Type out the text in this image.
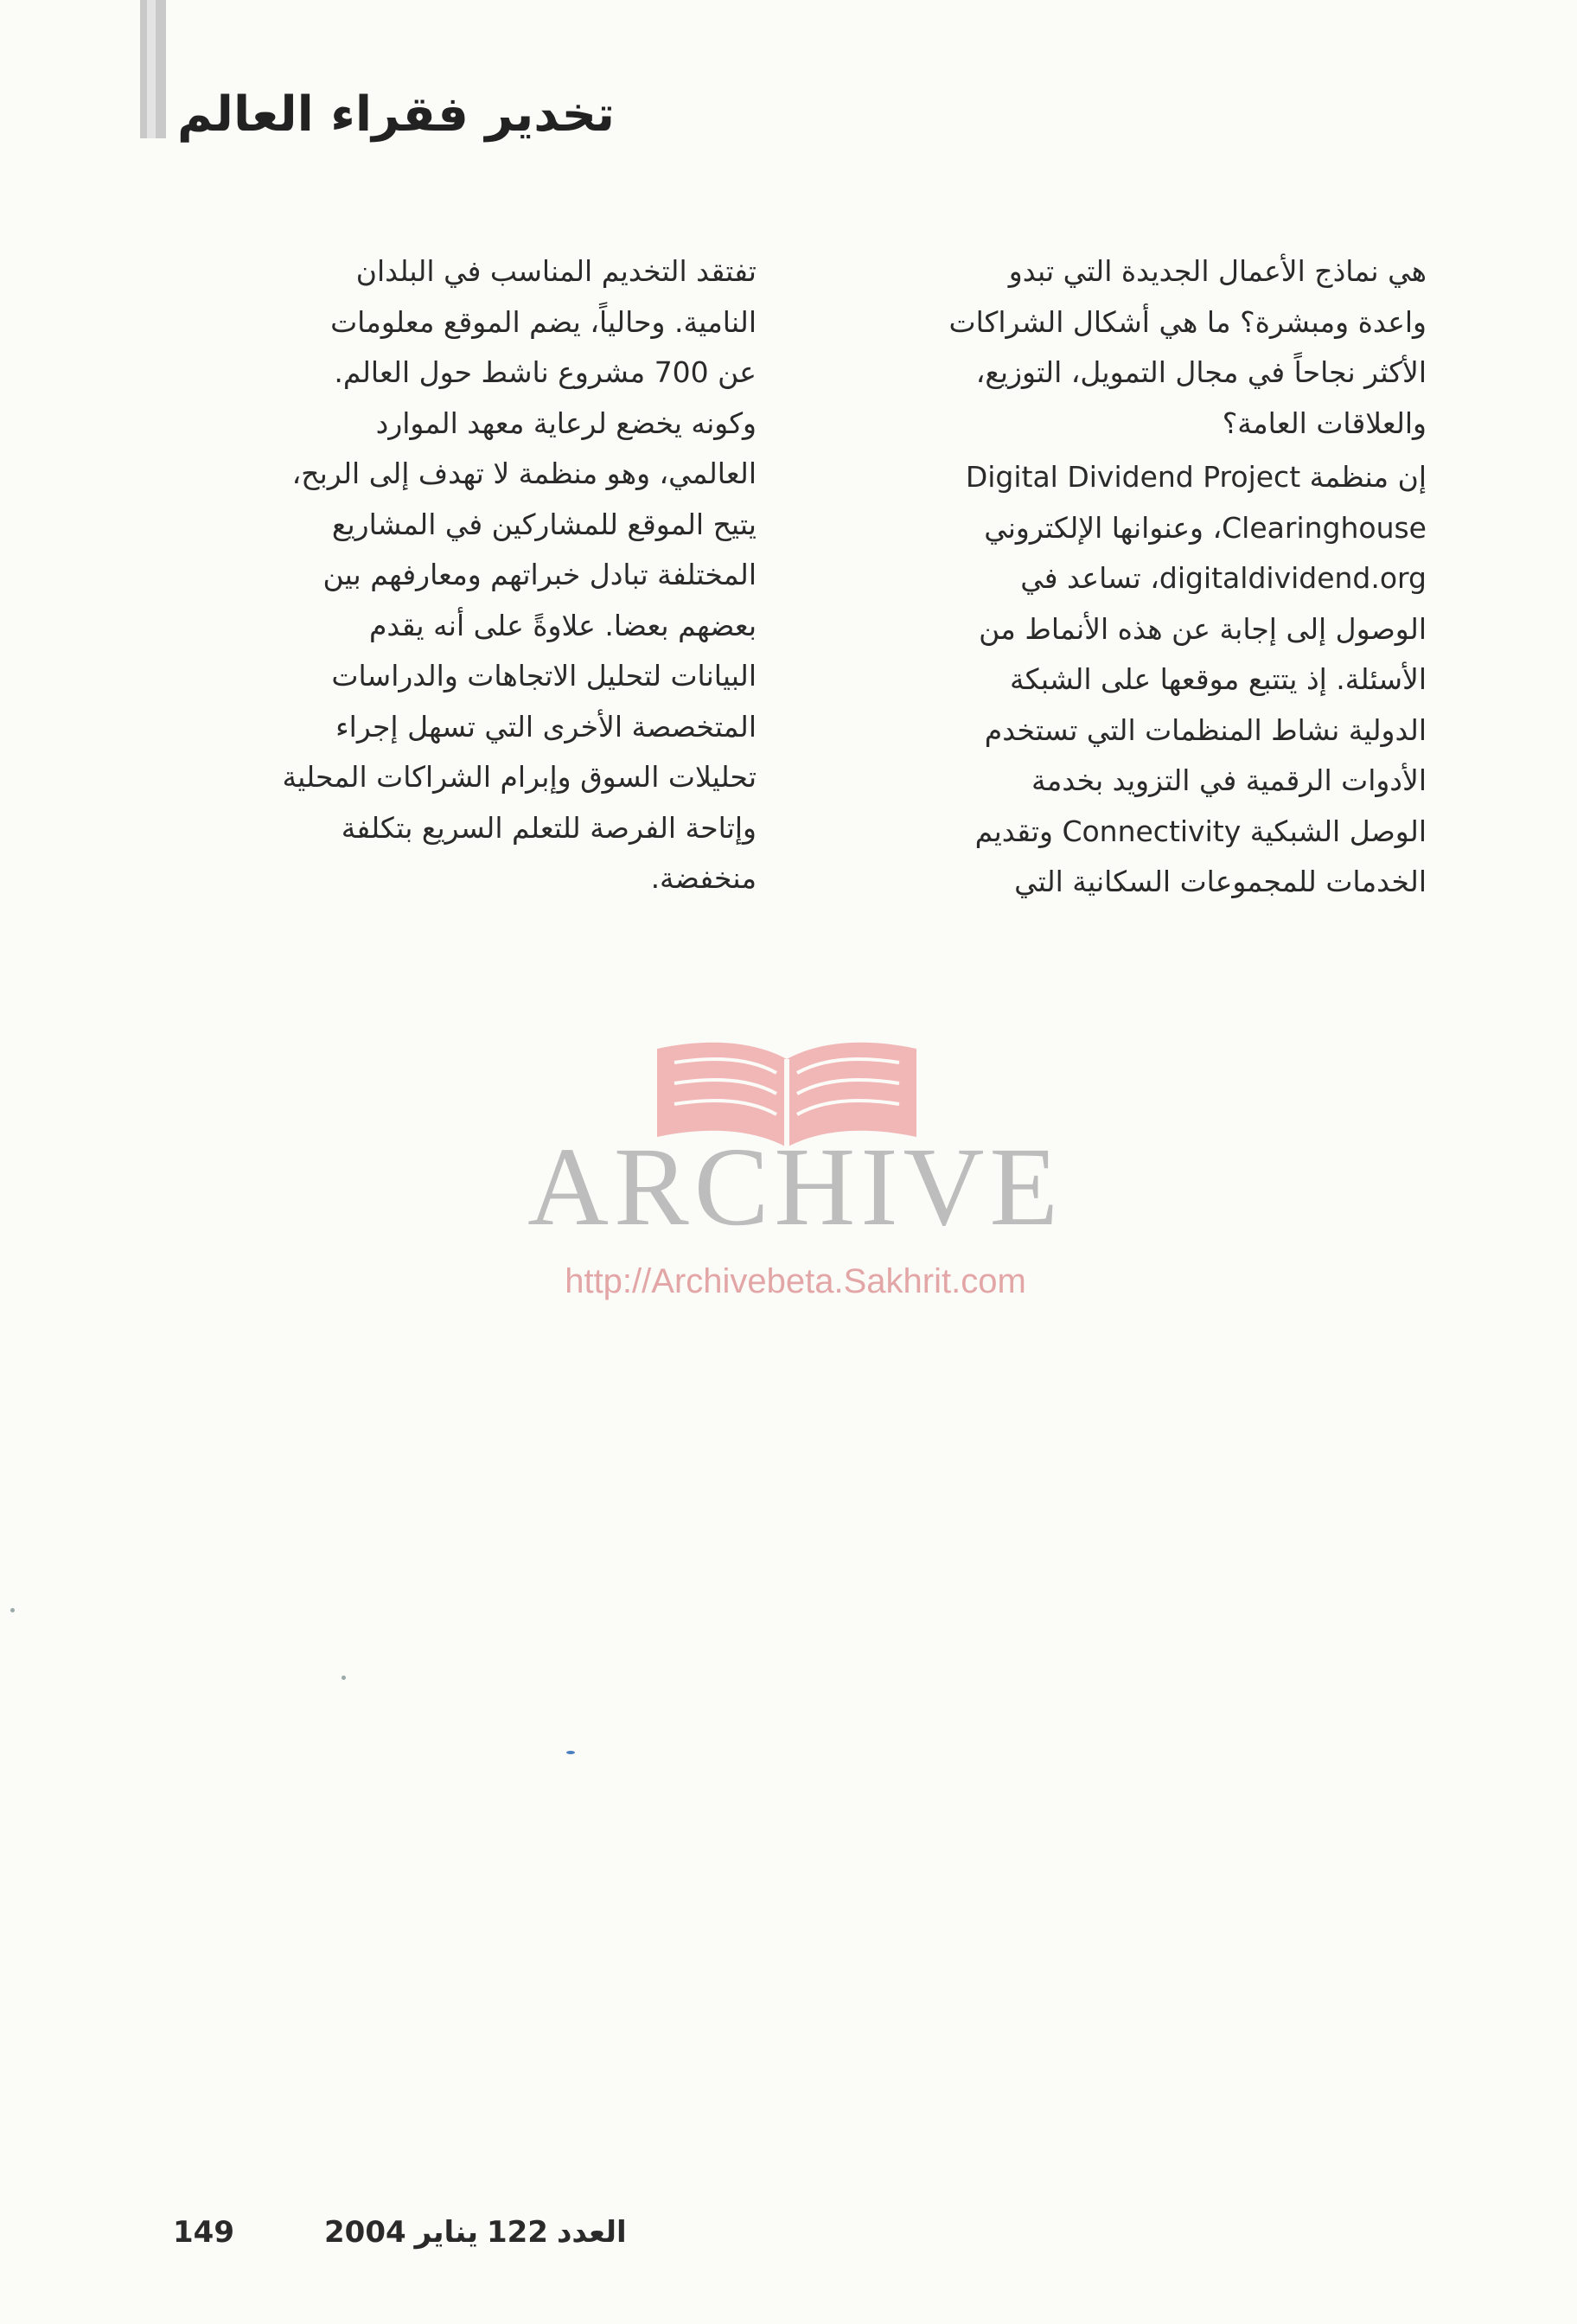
تخدير فقراء العالم

هي نماذج الأعمال الجديدة التي تبدو
واعدة ومبشرة؟ ما هي أشكال الشراكات
الأكثر نجاحاً في مجال التمويل، التوزيع،
والعلاقات العامة؟

إن منظمة Digital Dividend Project
Clearinghouse، وعنوانها الإلكتروني
digitaldividend.org، تساعد في
الوصول إلى إجابة عن هذه الأنماط من
الأسئلة. إذ يتتبع موقعها على الشبكة
الدولية نشاط المنظمات التي تستخدم
الأدوات الرقمية في التزويد بخدمة
الوصل الشبكية Connectivity وتقديم
الخدمات للمجموعات السكانية التي

تفتقد التخديم المناسب في البلدان
النامية. وحالياً، يضم الموقع معلومات
عن 700 مشروع ناشط حول العالم.
وكونه يخضع لرعاية معهد الموارد
العالمي، وهو منظمة لا تهدف إلى الربح،
يتيح الموقع للمشاركين في المشاريع
المختلفة تبادل خبراتهم ومعارفهم بين
بعضهم بعضا. علاوةً على أنه يقدم
البيانات لتحليل الاتجاهات والدراسات
المتخصصة الأخرى التي تسهل إجراء
تحليلات السوق وإبرام الشراكات المحلية
وإتاحة الفرصة للتعلم السريع بتكلفة
منخفضة.

ARCHIVE
http://Archivebeta.Sakhrit.com
149	العدد122يناير2004
